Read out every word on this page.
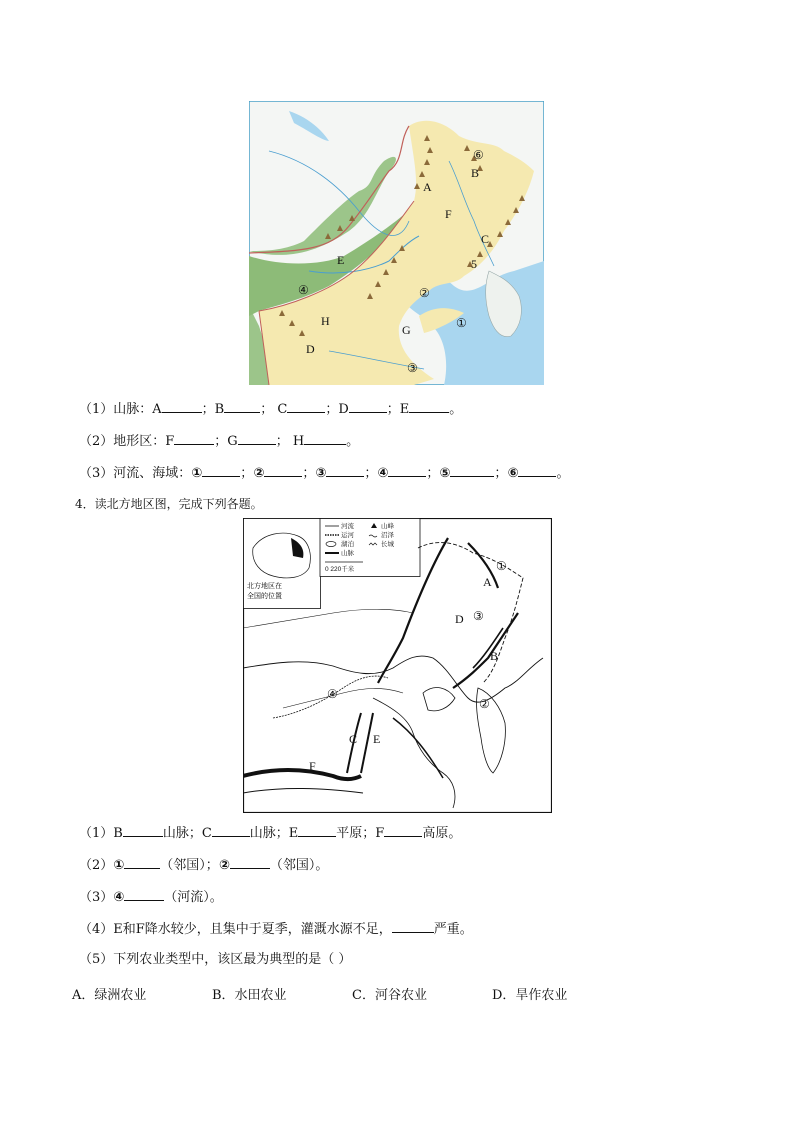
A
B
C
D
E
F
G
H	①
②
③
④
5
⑥
（1）山脉：A	；B	； C	；D	；E	。
（2）地形区：F	；G	； H	。
（3）河流、海域：①	；②	；③	；④	；⑤	；⑥	。
4．读北方地区图，完成下列各题。
北方地区在
全国的位置
河流
运河
湖泊
山脉
山峰
沼泽
长城
0 220千米
A
B
C
D
E
F
①
②
③
④
（1）B	山脉；C	山脉；E	平原；F	高原。
（2）①	（邻国）；②	（邻国）。
（3）④	（河流）。
（4）E和F降水较少，且集中于夏季，灌溉水源不足，	严重。
（5）下列农业类型中，该区最为典型的是（ ）
A．绿洲农业	B．水田农业	C．河谷农业	D．旱作农业
